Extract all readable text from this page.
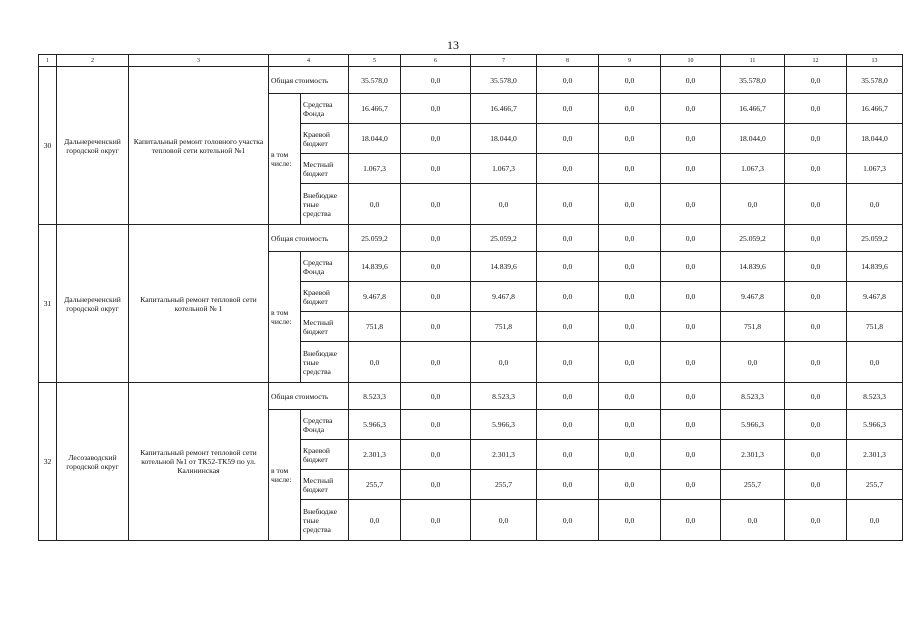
13
1	2	3	4		5	6	7	8	9	10	11	12	13
30	Дальнереченский городской округ	Капитальный ремонт головного участка тепловой сети котельной №1	Общая стоимость		35.578,0	0,0	35.578,0	0,0	0,0	0,0	35.578,0	0,0	35.578,0
			в том числе:	Средства Фонда	16.466,7	0,0	16.466,7	0,0	0,0	0,0	16.466,7	0,0	16.466,7
				Краевой бюджет	18.044,0	0,0	18.044,0	0,0	0,0	0,0	18.044,0	0,0	18.044,0
				Местный бюджет	1.067,3	0,0	1.067,3	0,0	0,0	0,0	1.067,3	0,0	1.067,3
				Внебюдже тные средства	0,0	0,0	0,0	0,0	0,0	0,0	0,0	0,0	0,0
31	Дальнереченский городской округ	Капитальный ремонт тепловой сети котельной № 1	Общая стоимость		25.059,2	0,0	25.059,2	0,0	0,0	0,0	25.059,2	0,0	25.059,2
			в том числе:	Средства Фонда	14.839,6	0,0	14.839,6	0,0	0,0	0,0	14.839,6	0,0	14.839,6
				Краевой бюджет	9.467,8	0,0	9.467,8	0,0	0,0	0,0	9.467,8	0,0	9.467,8
				Местный бюджет	751,8	0,0	751,8	0,0	0,0	0,0	751,8	0,0	751,8
				Внебюдже тные средства	0,0	0,0	0,0	0,0	0,0	0,0	0,0	0,0	0,0
32	Лесозаводский городской округ	Капитальный ремонт тепловой сети котельной №1 от ТК52-ТК59 по ул. Калининская	Общая стоимость		8.523,3	0,0	8.523,3	0,0	0,0	0,0	8.523,3	0,0	8.523,3
			в том числе:	Средства Фонда	5.966,3	0,0	5.966,3	0,0	0,0	0,0	5.966,3	0,0	5.966,3
				Краевой бюджет	2.301,3	0,0	2.301,3	0,0	0,0	0,0	2.301,3	0,0	2.301,3
				Местный бюджет	255,7	0,0	255,7	0,0	0,0	0,0	255,7	0,0	255,7
				Внебюдже тные средства	0,0	0,0	0,0	0,0	0,0	0,0	0,0	0,0	0,0
